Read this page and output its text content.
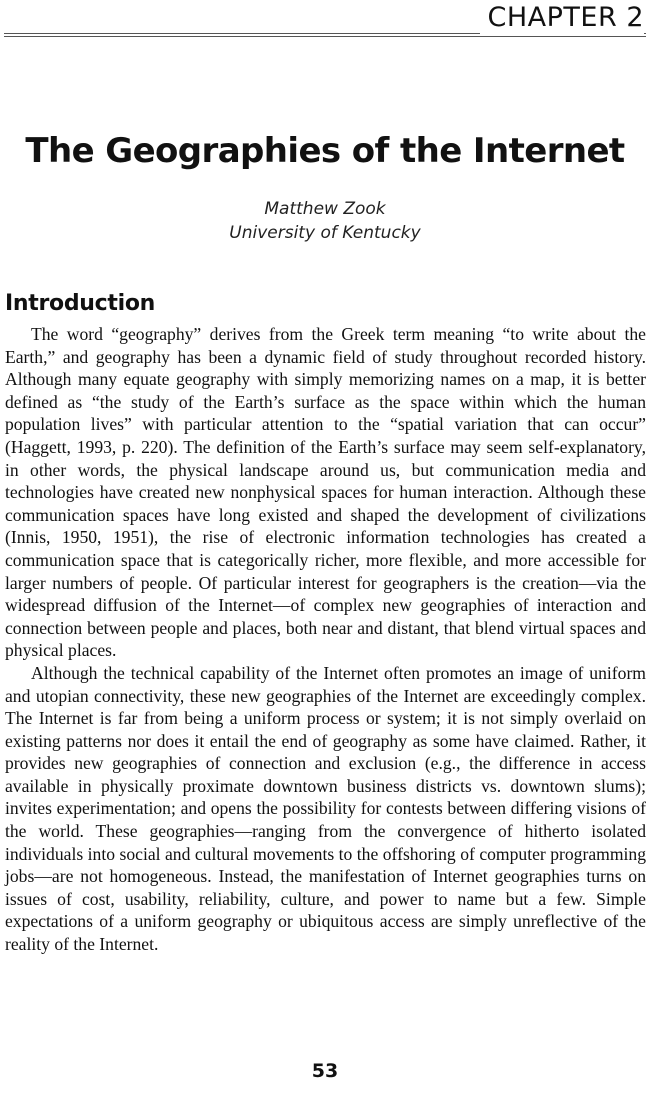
CHAPTER 2
The Geographies of the Internet
Matthew Zook
University of Kentucky
Introduction

The word “geography” derives from the Greek term meaning “to write about the Earth,” and geography has been a dynamic field of study throughout recorded history. Although many equate geography with simply memorizing names on a map, it is better defined as “the study of the Earth’s surface as the space within which the human population lives” with particular attention to the “spatial variation that can occur” (Haggett, 1993, p. 220). The definition of the Earth’s surface may seem self-explanatory, in other words, the physical landscape around us, but communication media and technologies have created new nonphysical spaces for human interaction. Although these communication spaces have long existed and shaped the development of civilizations (Innis, 1950, 1951), the rise of electronic information technologies has created a communication space that is categorically richer, more flexible, and more accessible for larger numbers of people. Of particular interest for geographers is the creation—via the widespread diffusion of the Internet—of complex new geographies of interaction and connection between people and places, both near and distant, that blend virtual spaces and physical places.

Although the technical capability of the Internet often promotes an image of uniform and utopian connectivity, these new geographies of the Internet are exceedingly complex. The Internet is far from being a uniform process or system; it is not simply overlaid on existing patterns nor does it entail the end of geography as some have claimed. Rather, it provides new geographies of connection and exclusion (e.g., the difference in access available in physically proximate downtown business districts vs. downtown slums); invites experimentation; and opens the possibility for contests between differing visions of the world. These geographies—ranging from the convergence of hitherto isolated individuals into social and cultural movements to the offshoring of computer programming jobs—are not homogeneous. Instead, the manifestation of Internet geographies turns on issues of cost, usability, reliability, culture, and power to name but a few. Simple expectations of a uniform geography or ubiquitous access are simply unreflective of the reality of the Internet.

53
